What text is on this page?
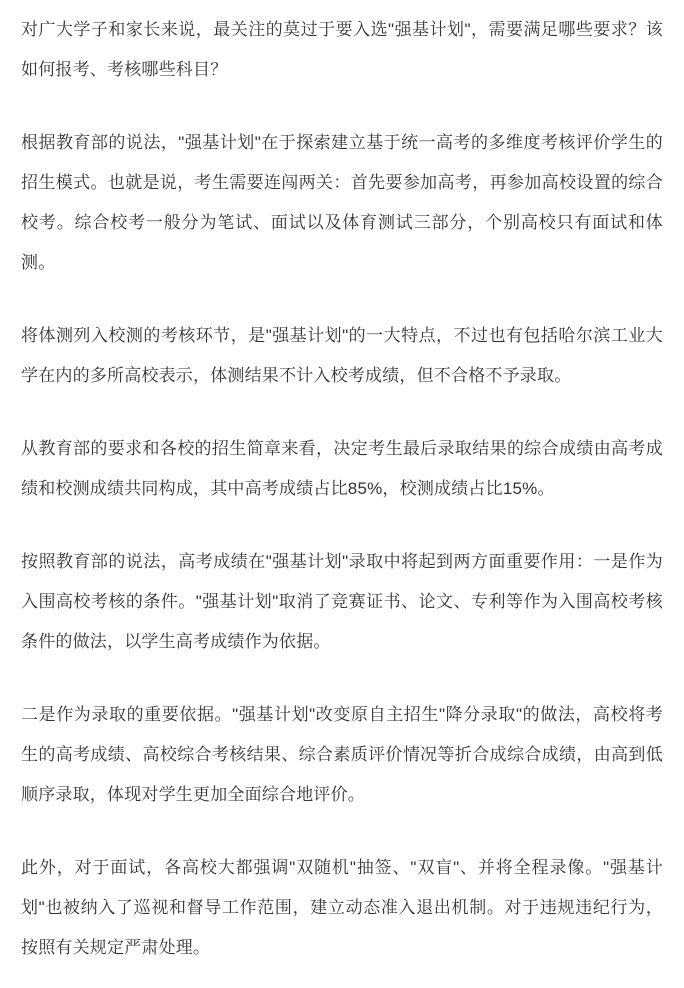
对广大学子和家长来说，最关注的莫过于要入选"强基计划"，需要满足哪些要求？该如何报考、考核哪些科目？

根据教育部的说法，"强基计划"在于探索建立基于统一高考的多维度考核评价学生的招生模式。也就是说，考生需要连闯两关：首先要参加高考，再参加高校设置的综合校考。综合校考一般分为笔试、面试以及体育测试三部分，个别高校只有面试和体测。

将体测列入校测的考核环节，是"强基计划"的一大特点，不过也有包括哈尔滨工业大学在内的多所高校表示，体测结果不计入校考成绩，但不合格不予录取。

从教育部的要求和各校的招生简章来看，决定考生最后录取结果的综合成绩由高考成绩和校测成绩共同构成，其中高考成绩占比85%，校测成绩占比15%。

按照教育部的说法，高考成绩在"强基计划"录取中将起到两方面重要作用：一是作为入围高校考核的条件。"强基计划"取消了竞赛证书、论文、专利等作为入围高校考核条件的做法，以学生高考成绩作为依据。

二是作为录取的重要依据。"强基计划"改变原自主招生"降分录取"的做法，高校将考生的高考成绩、高校综合考核结果、综合素质评价情况等折合成综合成绩，由高到低顺序录取，体现对学生更加全面综合地评价。

此外，对于面试，各高校大都强调"双随机"抽签、"双盲"、并将全程录像。"强基计划"也被纳入了巡视和督导工作范围，建立动态准入退出机制。对于违规违纪行为，按照有关规定严肃处理。
